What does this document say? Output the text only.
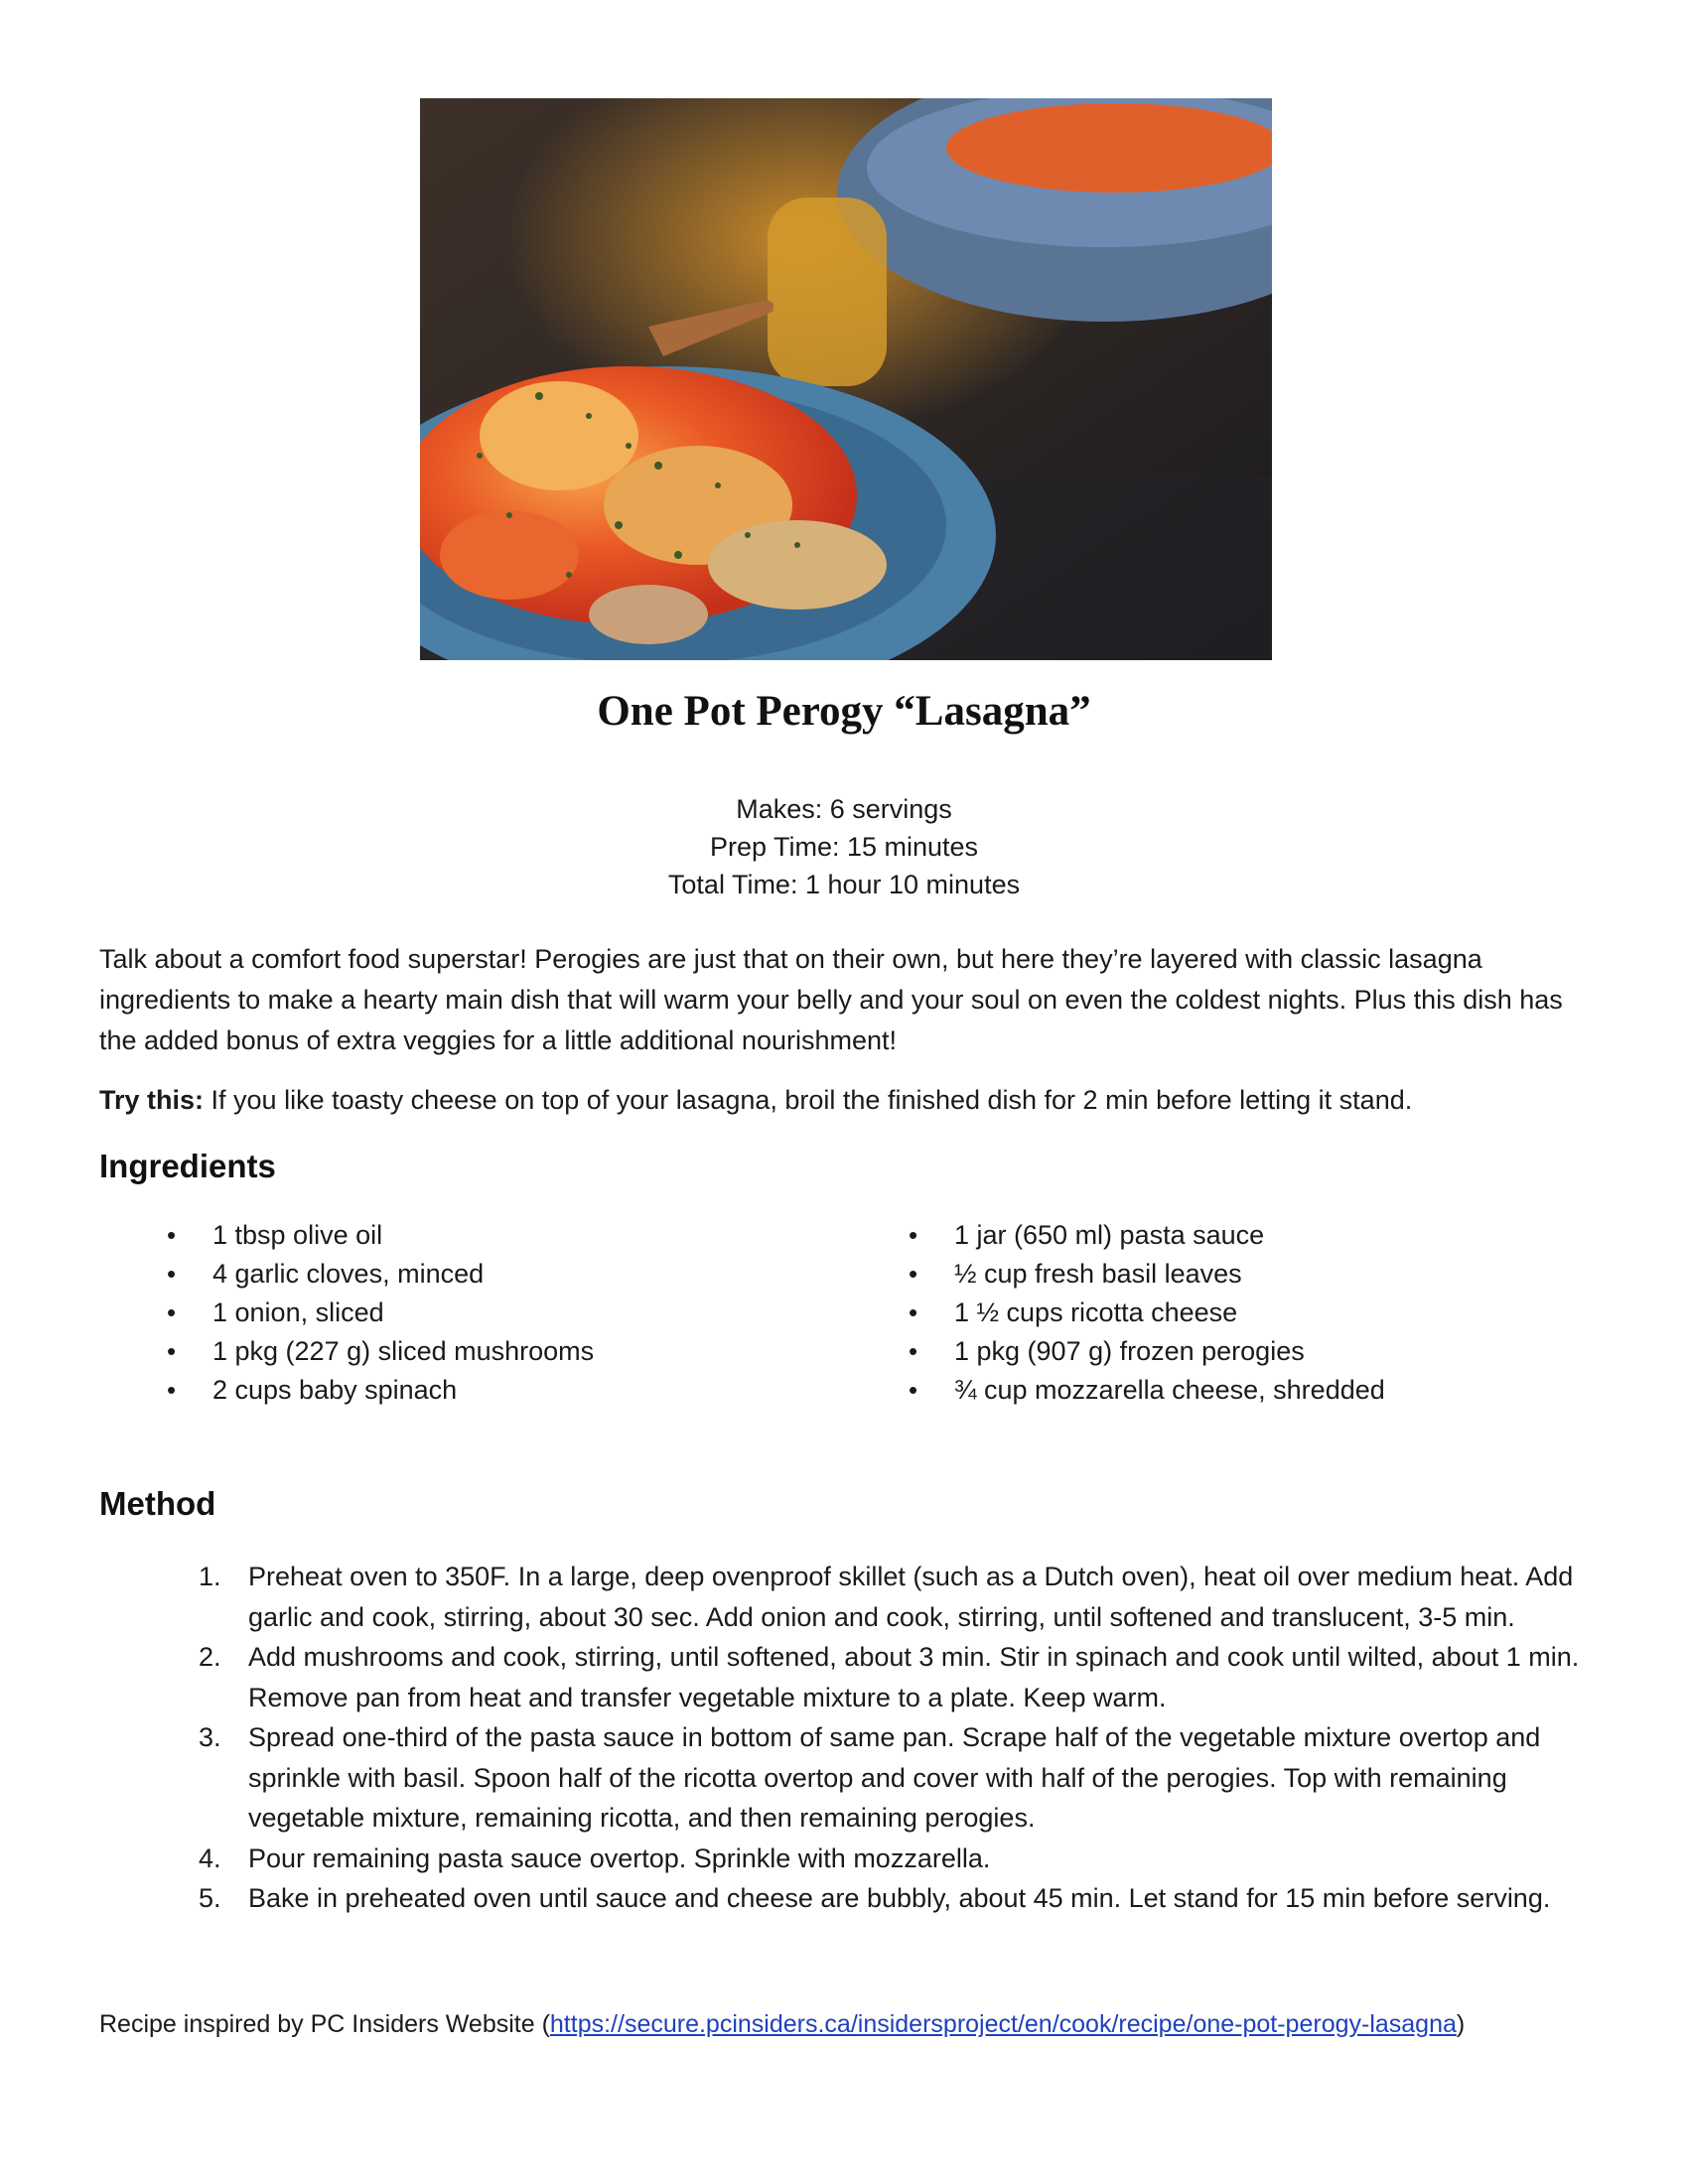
One Pot Perogy “Lasagna”
Makes: 6 servings
Prep Time: 15 minutes
Total Time: 1 hour 10 minutes
Talk about a comfort food superstar! Perogies are just that on their own, but here they’re layered with classic lasagna ingredients to make a hearty main dish that will warm your belly and your soul on even the coldest nights. Plus this dish has the added bonus of extra veggies for a little additional nourishment!
Try this: If you like toasty cheese on top of your lasagna, broil the finished dish for 2 min before letting it stand.
Ingredients
• 1 tbsp olive oil
• 4 garlic cloves, minced
• 1 onion, sliced
• 1 pkg (227 g) sliced mushrooms
• 2 cups baby spinach
• 1 jar (650 ml) pasta sauce
• ½ cup fresh basil leaves
• 1 ½ cups ricotta cheese
• 1 pkg (907 g) frozen perogies
• ¾ cup mozzarella cheese, shredded
Method
1. Preheat oven to 350F. In a large, deep ovenproof skillet (such as a Dutch oven), heat oil over medium heat. Add garlic and cook, stirring, about 30 sec. Add onion and cook, stirring, until softened and translucent, 3-5 min.
2. Add mushrooms and cook, stirring, until softened, about 3 min. Stir in spinach and cook until wilted, about 1 min. Remove pan from heat and transfer vegetable mixture to a plate. Keep warm.
3. Spread one-third of the pasta sauce in bottom of same pan. Scrape half of the vegetable mixture overtop and sprinkle with basil. Spoon half of the ricotta overtop and cover with half of the perogies. Top with remaining vegetable mixture, remaining ricotta, and then remaining perogies.
4. Pour remaining pasta sauce overtop. Sprinkle with mozzarella.
5. Bake in preheated oven until sauce and cheese are bubbly, about 45 min. Let stand for 15 min before serving.
Recipe inspired by PC Insiders Website (https://secure.pcinsiders.ca/insidersproject/en/cook/recipe/one-pot-perogy-lasagna)
